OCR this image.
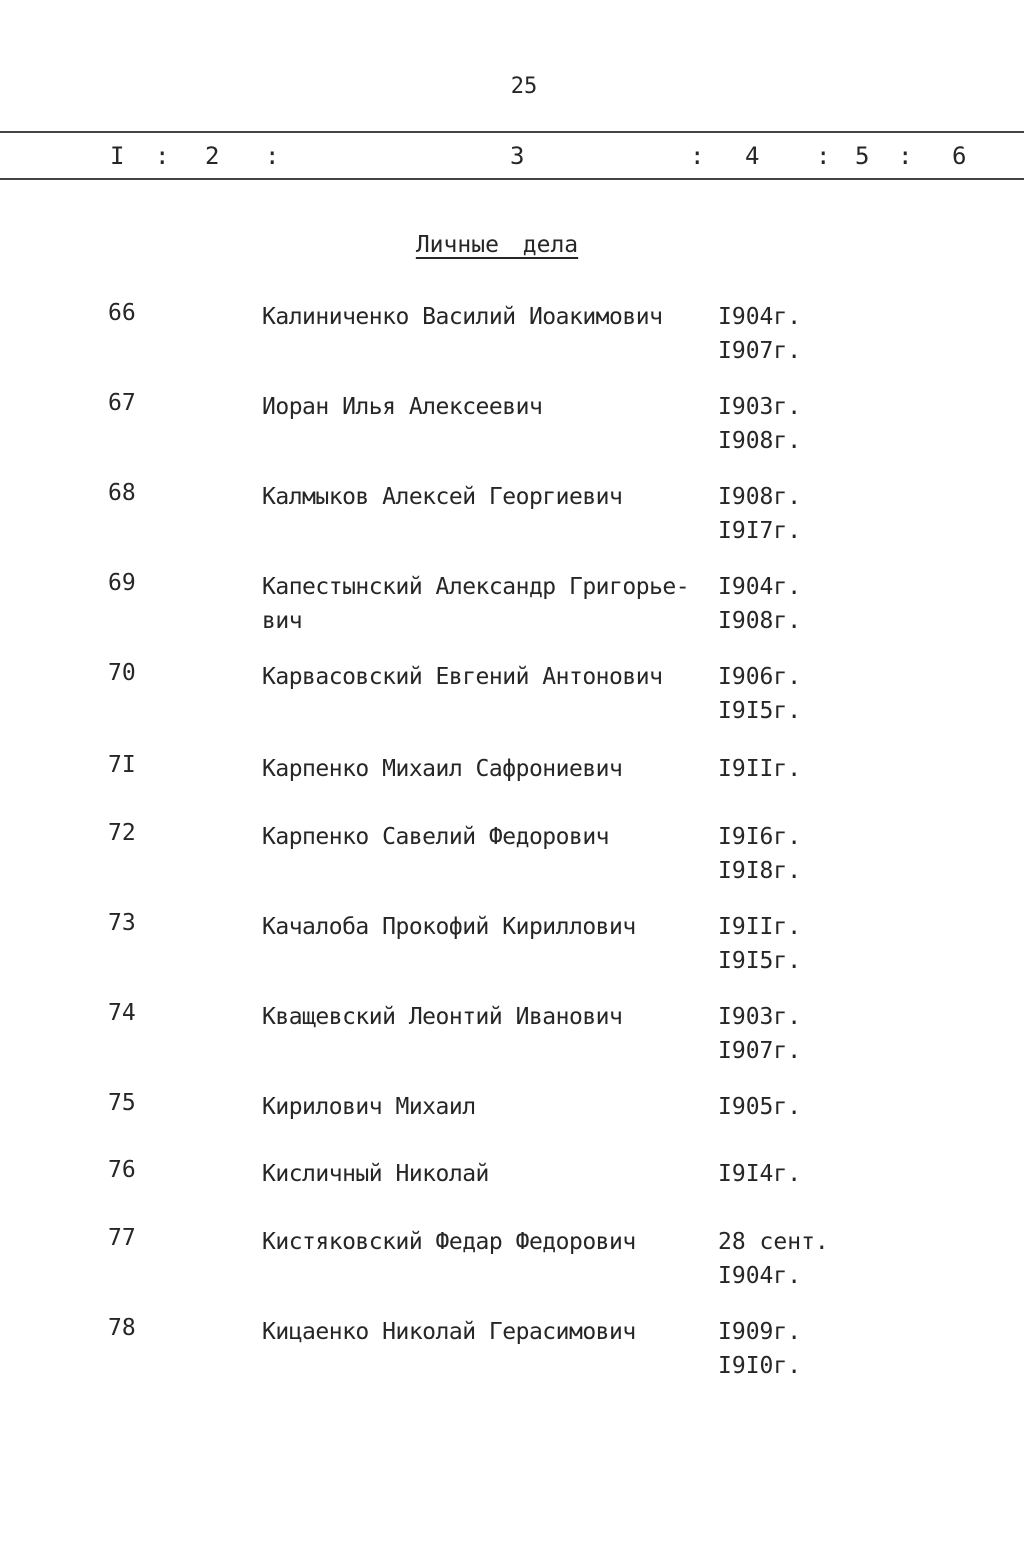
25
I : 2 :	3	: 4 : 5 : 6
Личные дела
66	Калиниченко Василий Иоакимович	I904г.
I907г.
67	Иоран Илья Алексеевич	I903г.
I908г.
68	Калмыков Алексей Георгиевич	I908г.
I9I7г.
69	Капестынский Александр Григорье-вич
I904г.
I908г.
70	Карвасовский Евгений Антонович	I906г.
I9I5г.
7I	Карпенко Михаил Сафрониевич	I9IIг.
72	Карпенко Савелий Федорович	I9I6г.
I9I8г.
73	Качалоба Прокофий Кириллович	I9IIг.
I9I5г.
74	Кващевский Леонтий Иванович	I903г.
I907г.
75	Кирилович Михаил	I905г.
76	Кисличный Николай	I9I4г.
77	Кистяковский Федар Федорович	28 сент.
I904г.
78	Кицаенко Николай Герасимович	I909г.
I9I0г.
